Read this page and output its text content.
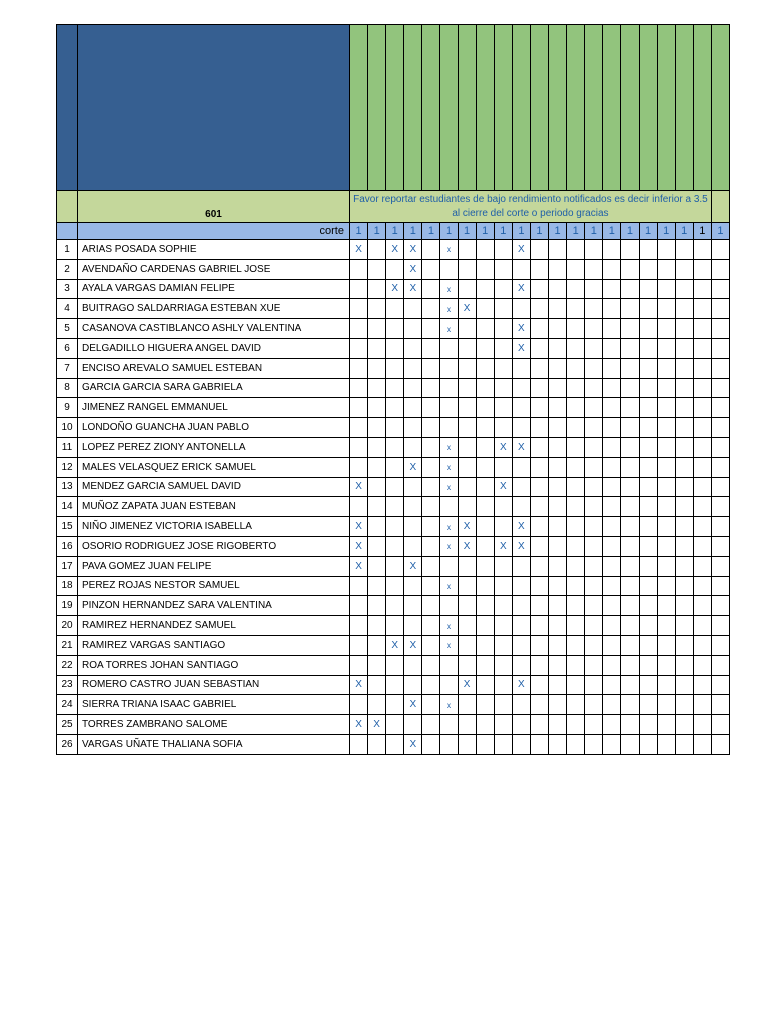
	601	Favor reportar estudiantes de bajo rendimiento notificados es decir inferior a 3.5 al cierre del corte o periodo gracias																				
	corte	1	1	1	1	1	1	1	1	1	1	1	1	1	1	1	1	1	1	1	1	1
1	ARIAS POSADA SOPHIE	X		X	X		x				X											
2	AVENDAÑO CARDENAS GABRIEL JOSE				X																	
3	AYALA VARGAS DAMIAN FELIPE			X	X		x				X											
4	BUITRAGO SALDARRIAGA ESTEBAN XUE						x	X														
5	CASANOVA CASTIBLANCO ASHLY VALENTINA						x				X											
6	DELGADILLO HIGUERA ANGEL DAVID										X											
7	ENCISO AREVALO SAMUEL ESTEBAN																					
8	GARCIA GARCIA SARA GABRIELA																					
9	JIMENEZ RANGEL EMMANUEL																					
10	LONDOÑO GUANCHA JUAN PABLO																					
11	LOPEZ PEREZ ZIONY ANTONELLA						x			X	X											
12	MALES VELASQUEZ ERICK SAMUEL				X		x															
13	MENDEZ GARCIA SAMUEL DAVID	X					x			X												
14	MUÑOZ ZAPATA JUAN ESTEBAN																					
15	NIÑO JIMENEZ VICTORIA ISABELLA	X					x	X			X											
16	OSORIO RODRIGUEZ JOSE RIGOBERTO	X					x	X		X	X											
17	PAVA GOMEZ JUAN FELIPE	X			X																	
18	PEREZ ROJAS NESTOR SAMUEL						x															
19	PINZON HERNANDEZ SARA VALENTINA																					
20	RAMIREZ HERNANDEZ SAMUEL						x															
21	RAMIREZ VARGAS SANTIAGO			X	X		x															
22	ROA TORRES JOHAN SANTIAGO																					
23	ROMERO CASTRO JUAN SEBASTIAN	X						X			X											
24	SIERRA TRIANA ISAAC GABRIEL				X		x															
25	TORRES ZAMBRANO SALOME	X	X																			
26	VARGAS UÑATE THALIANA SOFIA				X																	
